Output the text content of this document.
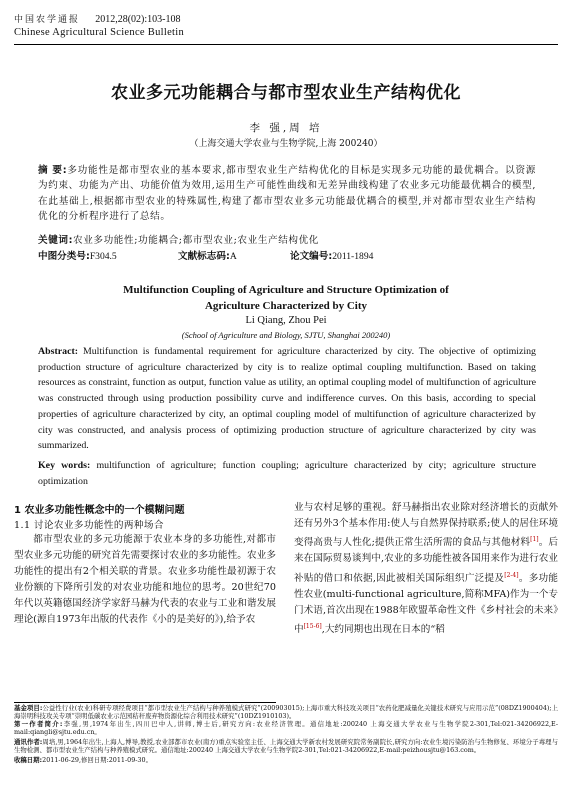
中国农学通报 2012,28(02):103-108
Chinese Agricultural Science Bulletin
农业多元功能耦合与都市型农业生产结构优化
李 强,周 培
（上海交通大学农业与生物学院,上海 200240）
摘 要:多功能性是都市型农业的基本要求,都市型农业生产结构优化的目标是实现多元功能的最优耦合。以资源为约束、功能为产出、功能价值为效用,运用生产可能性曲线和无差异曲线构建了农业多元功能最优耦合的模型,在此基础上,根据都市型农业的特殊属性,构建了都市型农业多元功能最优耦合的模型,并对都市型农业生产结构优化的分析程序进行了总结。
关键词:农业多功能性;功能耦合;都市型农业;农业生产结构优化
中图分类号:F304.5	文献标志码:A	论文编号:2011-1894
Multifunction Coupling of Agriculture and Structure Optimization of
Agriculture Characterized by City
Li Qiang, Zhou Pei
(School of Agriculture and Biology, SJTU, Shanghai 200240)
Abstract: Multifunction is fundamental requirement for agriculture characterized by city. The objective of optimizing production structure of agriculture characterized by city is to realize optimal coupling multifunction. Based on taking resources as constraint, function as output, function value as utility, an optimal coupling model of multifunction of agriculture was constructed through using production possibility curve and indifference curves. On this basis, according to special properties of agriculture characterized by city, an optimal coupling model of multifunction of agriculture characterized by city was constructed, and analysis process of optimizing production structure of agriculture characterized by city was summarized.
Key words: multifunction of agriculture; function coupling; agriculture characterized by city; agriculture structure optimization
1 农业多功能性概念中的一个模糊问题
1.1 讨论农业多功能性的两种场合

都市型农业的多元功能源于农业本身的多功能性,对都市型农业多元功能的研究首先需要探讨农业的多功能性。农业多功能性的提出有2个相关联的背景。农业多功能性最初源于农业份额的下降所引发的对农业功能和地位的思考。20世纪70年代以英籍德国经济学家舒马赫为代表的农业与工业和谐发展理论(源自1973年出版的代表作《小的是美好的》),给予农

业与农村足够的重视。舒马赫指出农业除对经济增长的贡献外还有另外3个基本作用:使人与自然界保持联系;使人的居住环境变得高贵与人性化;提供正常生活所需的食品与其他材料[1]。后来在国际贸易谈判中,农业的多功能性被各国用来作为进行农业补贴的借口和依据,因此被相关国际组织广泛提及[2-4]。多功能性农业(multi-functional agriculture,简称MFA)作为一个专门术语,首次出现在1988年欧盟革命性文件《乡村社会的未来》中[15-6],大约同期也出现在日本的“稻

基金项目:公益性行业(农业)科研专项经费项目“都市型农业生产结构与种养殖模式研究”(200903015);上海市重大科技攻关项目“农药化肥减量化关键技术研究与应用示范”(08DZ1900404);上海崇明科技攻关专项“崇明低碳农业示范园秸秆废弃物资源化综合利用技术研究”(10DZ1910103)。
第一作者简介:李强,男,1974年出生,四川巴中人,讲师,博士后,研究方向:农业经济管理。通信地址:200240 上海交通大学农业与生物学院2-301,Tel:021-34206922,E-mail:qiangli@sjtu.edu.cn。
通讯作者:周培,男,1964年出生,上海人,博导,教授,农业部都市农业(南方)重点实验室主任、上海交通大学新农村发展研究院常务副院长,研究方向:农业生境污染防治与生物修复、环境分子毒理与生物检测、都市型农业生产结构与种养殖模式研究。通信地址:200240 上海交通大学农业与生物学院2-301,Tel:021-34206922,E-mail:peizhousjtu@163.com。
收稿日期:2011-06-29,修回日期:2011-09-30。
